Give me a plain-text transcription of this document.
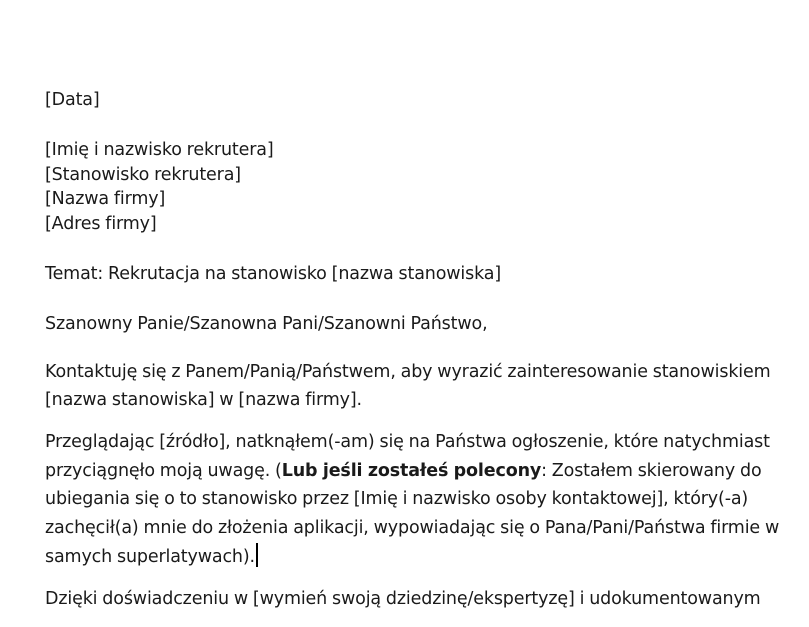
[Data]
[Imię i nazwisko rekrutera]
[Stanowisko rekrutera]
[Nazwa firmy]
[Adres firmy]
Temat: Rekrutacja na stanowisko [nazwa stanowiska]
Szanowny Panie/Szanowna Pani/Szanowni Państwo,

Kontaktuję się z Panem/Panią/Państwem, aby wyrazić zainteresowanie stanowiskiem [nazwa stanowiska] w [nazwa firmy].

Przeglądając [źródło], natknąłem(-am) się na Państwa ogłoszenie, które natychmiast przyciągnęło moją uwagę. (Lub jeśli zostałeś polecony: Zostałem skierowany do ubiegania się o to stanowisko przez [Imię i nazwisko osoby kontaktowej], który(-a) zachęcił(a) mnie do złożenia aplikacji, wypowiadając się o Pana/Pani/Państwa firmie w samych superlatywach).

Dzięki doświadczeniu w [wymień swoją dziedzinę/ekspertyzę] i udokumentowanym
